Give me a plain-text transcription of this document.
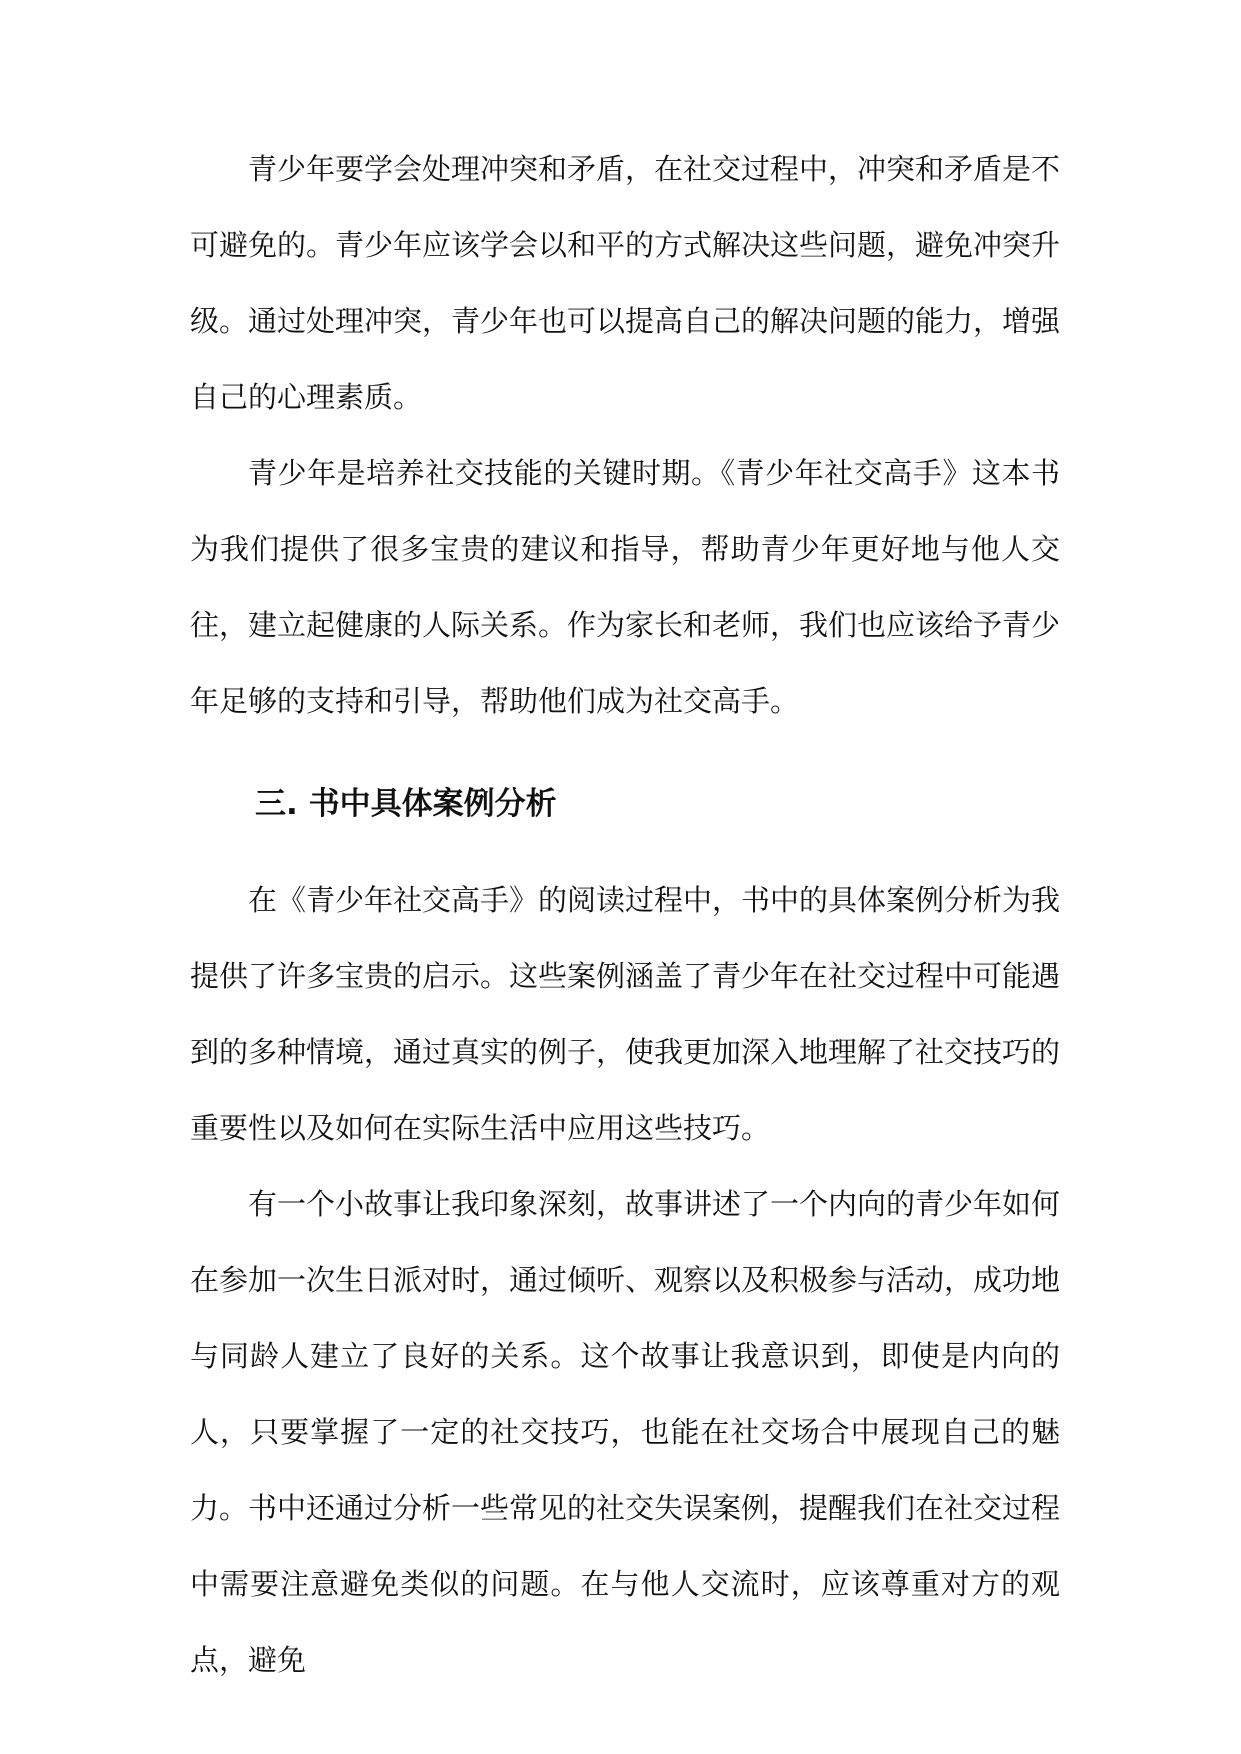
青少年要学会处理冲突和矛盾，在社交过程中，冲突和矛盾是不可避免的。青少年应该学会以和平的方式解决这些问题，避免冲突升级。通过处理冲突，青少年也可以提高自己的解决问题的能力，增强自己的心理素质。

青少年是培养社交技能的关键时期。《青少年社交高手》这本书为我们提供了很多宝贵的建议和指导，帮助青少年更好地与他人交往，建立起健康的人际关系。作为家长和老师，我们也应该给予青少年足够的支持和引导，帮助他们成为社交高手。

三. 书中具体案例分析

在《青少年社交高手》的阅读过程中，书中的具体案例分析为我提供了许多宝贵的启示。这些案例涵盖了青少年在社交过程中可能遇到的多种情境，通过真实的例子，使我更加深入地理解了社交技巧的重要性以及如何在实际生活中应用这些技巧。

有一个小故事让我印象深刻，故事讲述了一个内向的青少年如何在参加一次生日派对时，通过倾听、观察以及积极参与活动，成功地与同龄人建立了良好的关系。这个故事让我意识到，即使是内向的人，只要掌握了一定的社交技巧，也能在社交场合中展现自己的魅力。书中还通过分析一些常见的社交失误案例，提醒我们在社交过程中需要注意避免类似的问题。在与他人交流时，应该尊重对方的观点，避免
